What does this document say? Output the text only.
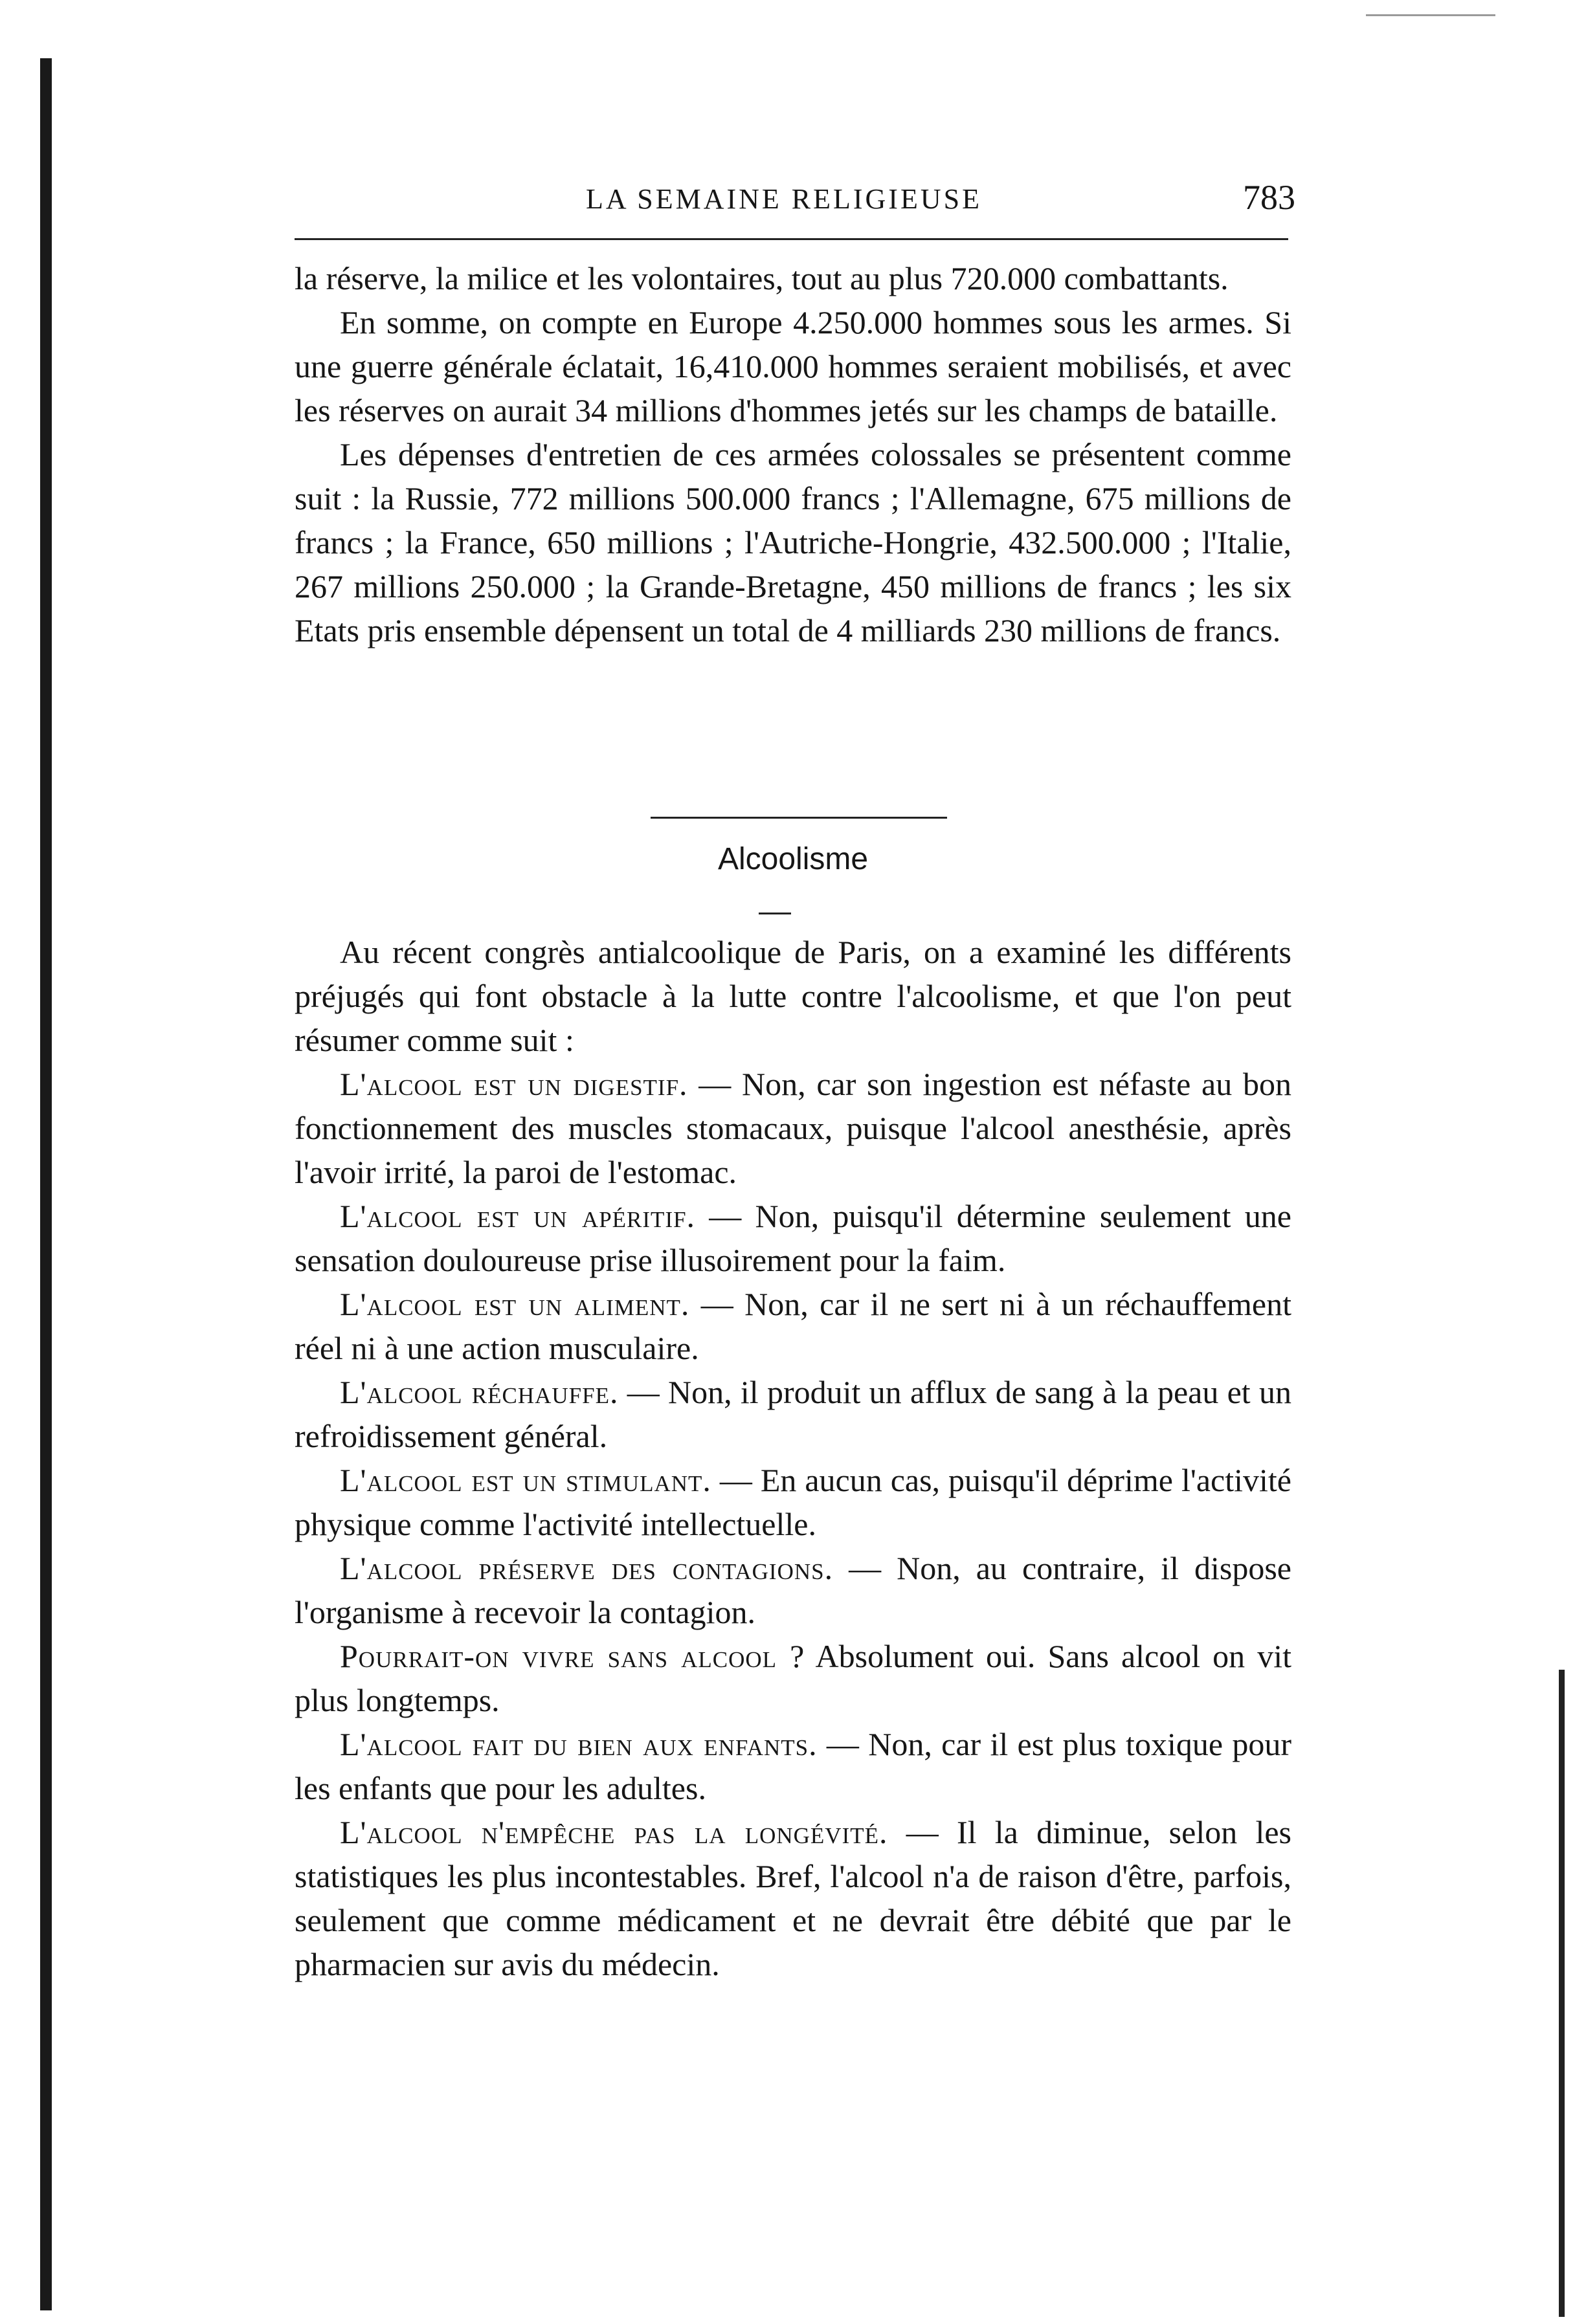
LA SEMAINE RELIGIEUSE	783

la réserve, la milice et les volontaires, tout au plus 720.000 combattants.

En somme, on compte en Europe 4.250.000 hommes sous les armes. Si une guerre générale éclatait, 16,410.000 hommes seraient mobilisés, et avec les réserves on aurait 34 millions d'hommes jetés sur les champs de bataille.

Les dépenses d'entretien de ces armées colossales se présentent comme suit : la Russie, 772 millions 500.000 francs ; l'Allemagne, 675 millions de francs ; la France, 650 millions ; l'Autriche-Hongrie, 432.500.000 ; l'Italie, 267 millions 250.000 ; la Grande-Bretagne, 450 millions de francs ; les six Etats pris ensemble dépensent un total de 4 milliards 230 millions de francs.

Alcoolisme

Au récent congrès antialcoolique de Paris, on a examiné les différents préjugés qui font obstacle à la lutte contre l'alcoolisme, et que l'on peut résumer comme suit :

L'alcool est un digestif. — Non, car son ingestion est néfaste au bon fonctionnement des muscles stomacaux, puisque l'alcool anesthésie, après l'avoir irrité, la paroi de l'estomac.

L'alcool est un apéritif. — Non, puisqu'il détermine seulement une sensation douloureuse prise illusoirement pour la faim.

L'alcool est un aliment. — Non, car il ne sert ni à un réchauffement réel ni à une action musculaire.

L'alcool réchauffe. — Non, il produit un afflux de sang à la peau et un refroidissement général.

L'alcool est un stimulant. — En aucun cas, puisqu'il déprime l'activité physique comme l'activité intellectuelle.

L'alcool préserve des contagions. — Non, au contraire, il dispose l'organisme à recevoir la contagion.

Pourrait-on vivre sans alcool ? Absolument oui. Sans alcool on vit plus longtemps.

L'alcool fait du bien aux enfants. — Non, car il est plus toxique pour les enfants que pour les adultes.

L'alcool n'empêche pas la longévité. — Il la diminue, selon les statistiques les plus incontestables. Bref, l'alcool n'a de raison d'être, parfois, seulement que comme médicament et ne devrait être débité que par le pharmacien sur avis du médecin.
